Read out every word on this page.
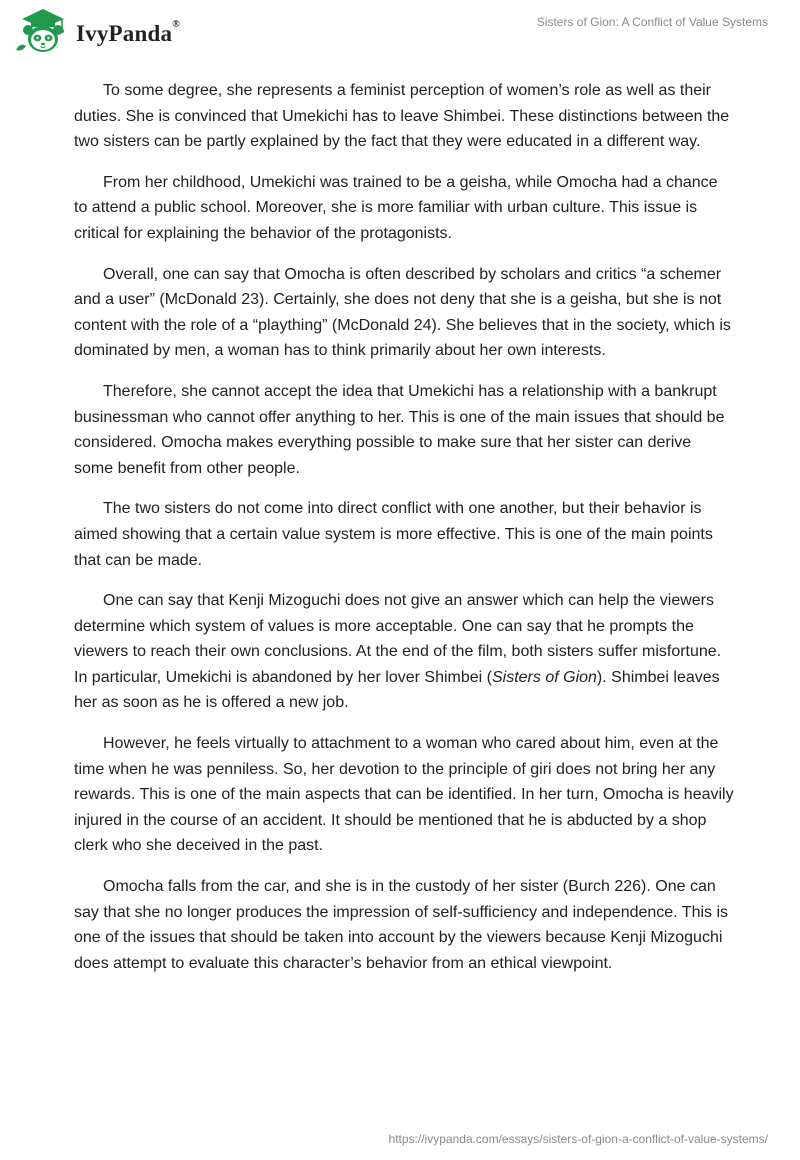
IvyPanda®	Sisters of Gion: A Conflict of Value Systems

To some degree, she represents a feminist perception of women’s role as well as their duties. She is convinced that Umekichi has to leave Shimbei. These distinctions between the two sisters can be partly explained by the fact that they were educated in a different way.

From her childhood, Umekichi was trained to be a geisha, while Omocha had a chance to attend a public school. Moreover, she is more familiar with urban culture. This issue is critical for explaining the behavior of the protagonists.

Overall, one can say that Omocha is often described by scholars and critics “a schemer and a user” (McDonald 23). Certainly, she does not deny that she is a geisha, but she is not content with the role of a “plaything” (McDonald 24). She believes that in the society, which is dominated by men, a woman has to think primarily about her own interests.

Therefore, she cannot accept the idea that Umekichi has a relationship with a bankrupt businessman who cannot offer anything to her. This is one of the main issues that should be considered. Omocha makes everything possible to make sure that her sister can derive some benefit from other people.

The two sisters do not come into direct conflict with one another, but their behavior is aimed showing that a certain value system is more effective. This is one of the main points that can be made.

One can say that Kenji Mizoguchi does not give an answer which can help the viewers determine which system of values is more acceptable. One can say that he prompts the viewers to reach their own conclusions. At the end of the film, both sisters suffer misfortune. In particular, Umekichi is abandoned by her lover Shimbei (Sisters of Gion). Shimbei leaves her as soon as he is offered a new job.

However, he feels virtually to attachment to a woman who cared about him, even at the time when he was penniless. So, her devotion to the principle of giri does not bring her any rewards. This is one of the main aspects that can be identified. In her turn, Omocha is heavily injured in the course of an accident. It should be mentioned that he is abducted by a shop clerk who she deceived in the past.

Omocha falls from the car, and she is in the custody of her sister (Burch 226). One can say that she no longer produces the impression of self-sufficiency and independence. This is one of the issues that should be taken into account by the viewers because Kenji Mizoguchi does attempt to evaluate this character’s behavior from an ethical viewpoint.

https://ivypanda.com/essays/sisters-of-gion-a-conflict-of-value-systems/
